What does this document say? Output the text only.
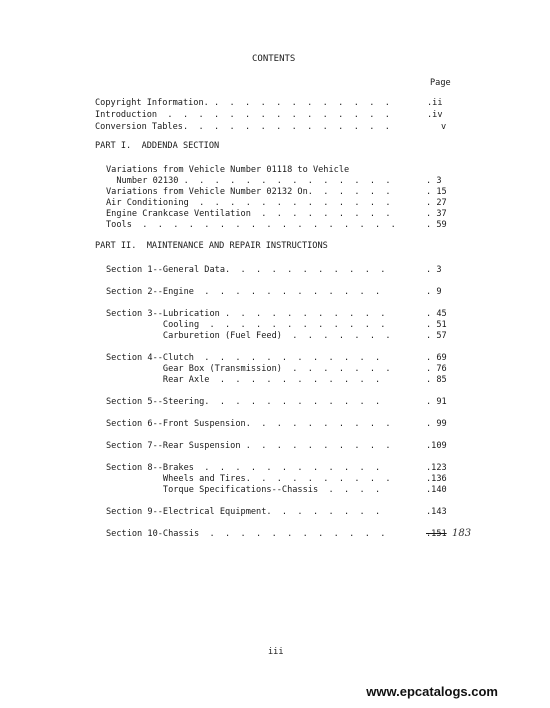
CONTENTS
Page
Copyright Information. .  .  .  .  .  .  .  .  .  .  .  .	.ii
Introduction  .  .  .  .  .  .  .  .  .  .  .  .  .  .  .	.iv
Conversion Tables.  .  .  .  .  .  .  .  .  .  .  .  .  .	v
PART I.  ADDENDA SECTION
Variations from Vehicle Number 01118 to Vehicle
Number 02130 .  .  .  .  .  .  .  .  .  .  .  .  .  .	. 3
Variations from Vehicle Number 02132 On.  .  .  .  .  .	. 15
Air Conditioning  .  .  .  .  .  .  .  .  .  .  .  .  .	. 27
Engine Crankcase Ventilation  .  .  .  .  .  .  .  .  .	. 37
Tools  .  .  .  .  .  .  .  .  .  .  .  .  .  .  .  .  .	. 59
PART II.  MAINTENANCE AND REPAIR INSTRUCTIONS
Section 1--General Data.  .  .  .  .  .  .  .  .  .  .	. 3
Section 2--Engine  .  .  .  .  .  .  .  .  .  .  .  .	. 9
Section 3--Lubrication .  .  .  .  .  .  .  .  .  .  .	. 45
Cooling  .  .  .  .  .  .  .  .  .  .  .  .	. 51
Carburetion (Fuel Feed)  .  .  .  .  .  .  .	. 57
Section 4--Clutch  .  .  .  .  .  .  .  .  .  .  .  .	. 69
Gear Box (Transmission)  .  .  .  .  .  .  .	. 76
Rear Axle  .  .  .  .  .  .  .  .  .  .  .	. 85
Section 5--Steering.  .  .  .  .  .  .  .  .  .  .  .	. 91
Section 6--Front Suspension.  .  .  .  .  .  .  .  .  .	. 99
Section 7--Rear Suspension .  .  .  .  .  .  .  .  .  .	.109
Section 8--Brakes  .  .  .  .  .  .  .  .  .  .  .  .	.123
Wheels and Tires.  .  .  .  .  .  .  .  .  .	.136
Torque Specifications--Chassis  .  .  .  .	.140
Section 9--Electrical Equipment.  .  .  .  .  .  .  .	.143
Section 10-Chassis  .  .  .  .  .  .  .  .  .  .  .  .	.151 183
iii
www.epcatalogs.com
